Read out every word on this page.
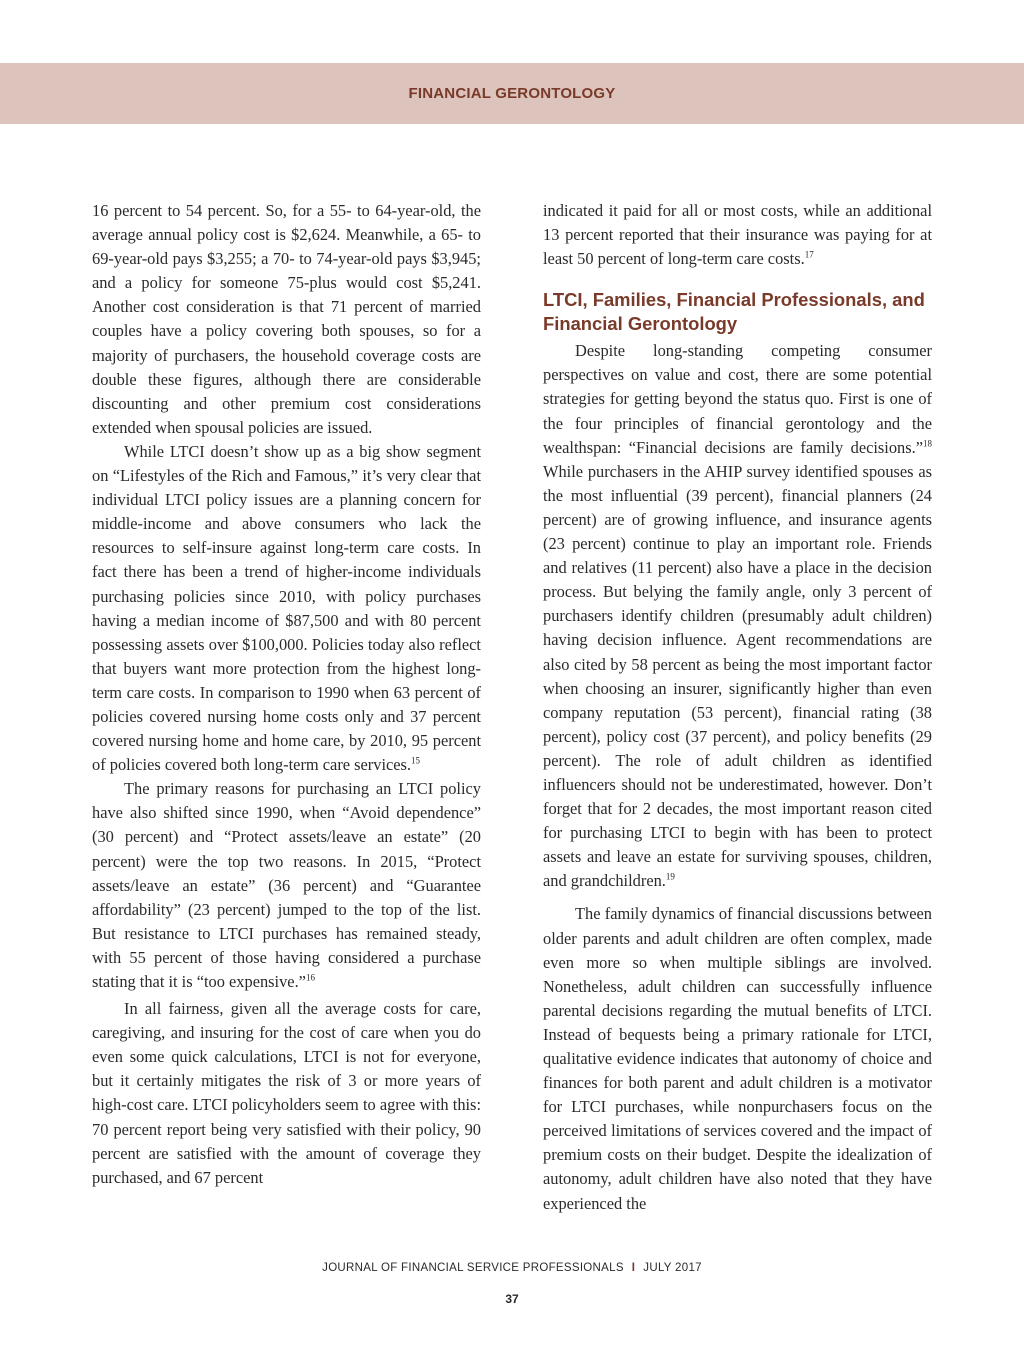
FINANCIAL GERONTOLOGY

16 percent to 54 percent. So, for a 55- to 64-year-old, the average annual policy cost is $2,624. Meanwhile, a 65- to 69-year-old pays $3,255; a 70- to 74-year-old pays $3,945; and a policy for someone 75-plus would cost $5,241. Another cost consideration is that 71 percent of married couples have a policy covering both spouses, so for a majority of purchasers, the household coverage costs are double these figures, although there are considerable discounting and other premium cost considerations extended when spousal policies are issued.

While LTCI doesn’t show up as a big show segment on “Lifestyles of the Rich and Famous,” it’s very clear that individual LTCI policy issues are a planning concern for middle-income and above consumers who lack the resources to self-insure against long-term care costs. In fact there has been a trend of higher-income individuals purchasing policies since 2010, with policy purchases having a median income of $87,500 and with 80 percent possessing assets over $100,000. Policies today also reflect that buyers want more protection from the highest long-term care costs. In comparison to 1990 when 63 percent of policies covered nursing home costs only and 37 percent covered nursing home and home care, by 2010, 95 percent of policies covered both long-term care services.$^{15}$

The primary reasons for purchasing an LTCI policy have also shifted since 1990, when “Avoid dependence” (30 percent) and “Protect assets/leave an estate” (20 percent) were the top two reasons. In 2015, “Protect assets/leave an estate” (36 percent) and “Guarantee affordability” (23 percent) jumped to the top of the list. But resistance to LTCI purchases has remained steady, with 55 percent of those having considered a purchase stating that it is “too expensive.”$^{16}$

In all fairness, given all the average costs for care, caregiving, and insuring for the cost of care when you do even some quick calculations, LTCI is not for everyone, but it certainly mitigates the risk of 3 or more years of high-cost care. LTCI policyholders seem to agree with this: 70 percent report being very satisfied with their policy, 90 percent are satisfied with the amount of coverage they purchased, and 67 percent

indicated it paid for all or most costs, while an additional 13 percent reported that their insurance was paying for at least 50 percent of long-term care costs.$^{17}$

LTCI, Families, Financial Professionals, and Financial Gerontology

Despite long-standing competing consumer perspectives on value and cost, there are some potential strategies for getting beyond the status quo. First is one of the four principles of financial gerontology and the wealthspan: “Financial decisions are family decisions.”$^{18}$ While purchasers in the AHIP survey identified spouses as the most influential (39 percent), financial planners (24 percent) are of growing influence, and insurance agents (23 percent) continue to play an important role. Friends and relatives (11 percent) also have a place in the decision process. But belying the family angle, only 3 percent of purchasers identify children (presumably adult children) having decision influence. Agent recommendations are also cited by 58 percent as being the most important factor when choosing an insurer, significantly higher than even company reputation (53 percent), financial rating (38 percent), policy cost (37 percent), and policy benefits (29 percent). The role of adult children as identified influencers should not be underestimated, however. Don’t forget that for 2 decades, the most important reason cited for purchasing LTCI to begin with has been to protect assets and leave an estate for surviving spouses, children, and grandchildren.$^{19}$

The family dynamics of financial discussions between older parents and adult children are often complex, made even more so when multiple siblings are involved. Nonetheless, adult children can successfully influence parental decisions regarding the mutual benefits of LTCI. Instead of bequests being a primary rationale for LTCI, qualitative evidence indicates that autonomy of choice and finances for both parent and adult children is a motivator for LTCI purchases, while nonpurchasers focus on the perceived limitations of services covered and the impact of premium costs on their budget. Despite the idealization of autonomy, adult children have also noted that they have experienced the

JOURNAL OF FINANCIAL SERVICE PROFESSIONALS I JULY 2017
37
